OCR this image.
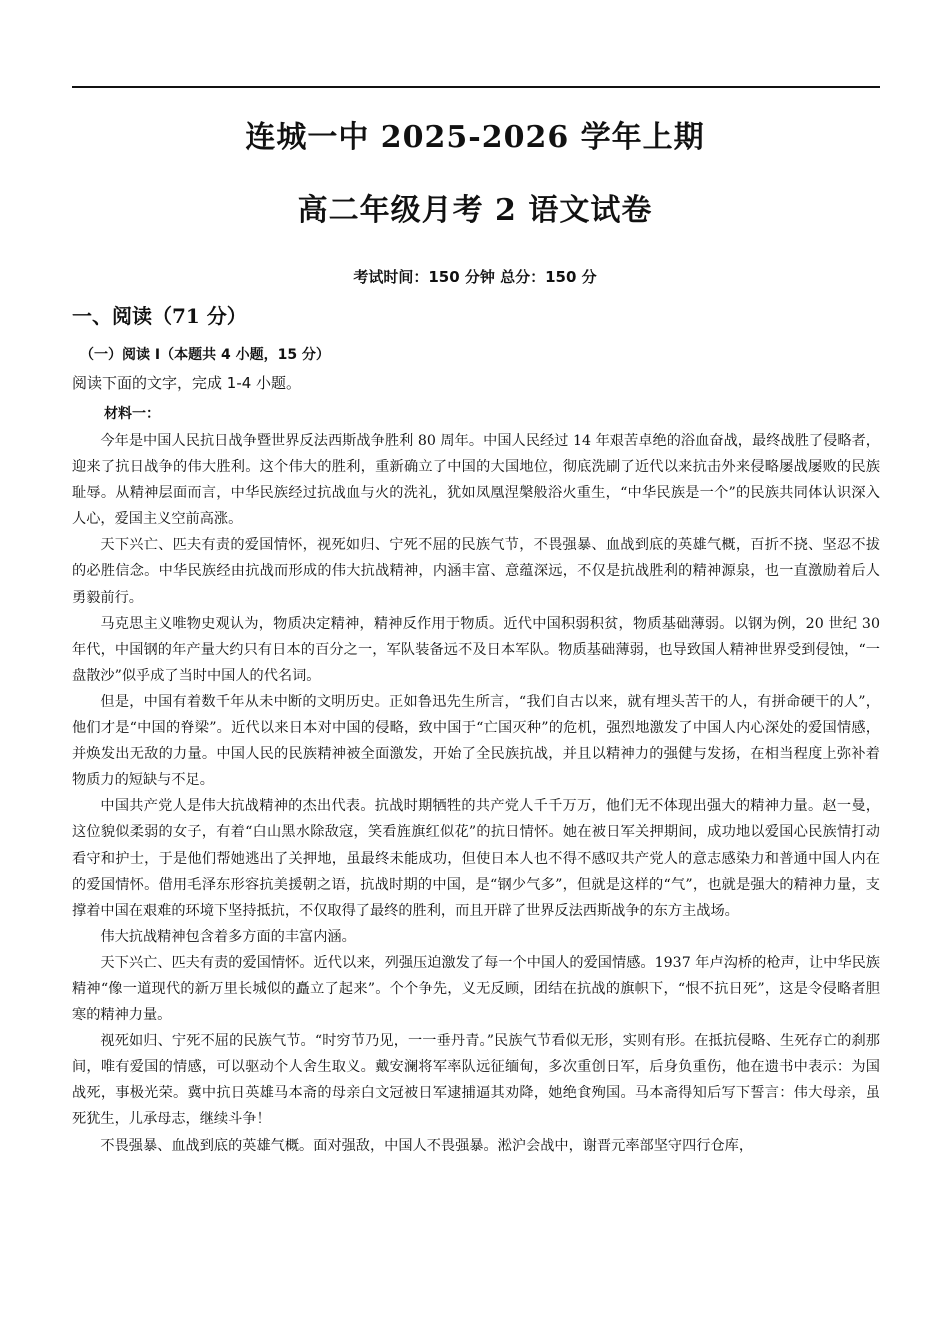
连城一中 2025-2026 学年上期
高二年级月考 2 语文试卷
考试时间：150 分钟 总分：150 分
一、阅读（71 分）
（一）阅读 I（本题共 4 小题，15 分）
阅读下面的文字，完成 1-4 小题。
材料一：

今年是中国人民抗日战争暨世界反法西斯战争胜利 80 周年。中国人民经过 14 年艰苦卓绝的浴血奋战，最终战胜了侵略者，迎来了抗日战争的伟大胜利。这个伟大的胜利，重新确立了中国的大国地位，彻底洗刷了近代以来抗击外来侵略屡战屡败的民族耻辱。从精神层面而言，中华民族经过抗战血与火的洗礼，犹如凤凰涅槃般浴火重生，“中华民族是一个”的民族共同体认识深入人心，爱国主义空前高涨。

天下兴亡、匹夫有责的爱国情怀，视死如归、宁死不屈的民族气节，不畏强暴、血战到底的英雄气概，百折不挠、坚忍不拔的必胜信念。中华民族经由抗战而形成的伟大抗战精神，内涵丰富、意蕴深远，不仅是抗战胜利的精神源泉，也一直激励着后人勇毅前行。

马克思主义唯物史观认为，物质决定精神，精神反作用于物质。近代中国积弱积贫，物质基础薄弱。以钢为例，20 世纪 30 年代，中国钢的年产量大约只有日本的百分之一，军队装备远不及日本军队。物质基础薄弱，也导致国人精神世界受到侵蚀，“一盘散沙”似乎成了当时中国人的代名词。

但是，中国有着数千年从未中断的文明历史。正如鲁迅先生所言，“我们自古以来，就有埋头苦干的人，有拼命硬干的人”，他们才是“中国的脊梁”。近代以来日本对中国的侵略，致中国于“亡国灭种”的危机，强烈地激发了中国人内心深处的爱国情感，并焕发出无敌的力量。中国人民的民族精神被全面激发，开始了全民族抗战，并且以精神力的强健与发扬，在相当程度上弥补着物质力的短缺与不足。

中国共产党人是伟大抗战精神的杰出代表。抗战时期牺牲的共产党人千千万万，他们无不体现出强大的精神力量。赵一曼，这位貌似柔弱的女子，有着“白山黑水除敌寇，笑看旌旗红似花”的抗日情怀。她在被日军关押期间，成功地以爱国心民族情打动看守和护士，于是他们帮她逃出了关押地，虽最终未能成功，但使日本人也不得不感叹共产党人的意志感染力和普通中国人内在的爱国情怀。借用毛泽东形容抗美援朝之语，抗战时期的中国，是“钢少气多”，但就是这样的“气”，也就是强大的精神力量，支撑着中国在艰难的环境下坚持抵抗，不仅取得了最终的胜利，而且开辟了世界反法西斯战争的东方主战场。

伟大抗战精神包含着多方面的丰富内涵。

天下兴亡、匹夫有责的爱国情怀。近代以来，列强压迫激发了每一个中国人的爱国情感。1937 年卢沟桥的枪声，让中华民族精神“像一道现代的新万里长城似的矗立了起来”。个个争先，义无反顾，团结在抗战的旗帜下，“恨不抗日死”，这是令侵略者胆寒的精神力量。

视死如归、宁死不屈的民族气节。“时穷节乃见，一一垂丹青。”民族气节看似无形，实则有形。在抵抗侵略、生死存亡的刹那间，唯有爱国的情感，可以驱动个人舍生取义。戴安澜将军率队远征缅甸，多次重创日军，后身负重伤，他在遗书中表示：为国战死，事极光荣。冀中抗日英雄马本斋的母亲白文冠被日军逮捕逼其劝降，她绝食殉国。马本斋得知后写下誓言：伟大母亲，虽死犹生，儿承母志，继续斗争！

不畏强暴、血战到底的英雄气概。面对强敌，中国人不畏强暴。淞沪会战中，谢晋元率部坚守四行仓库，
